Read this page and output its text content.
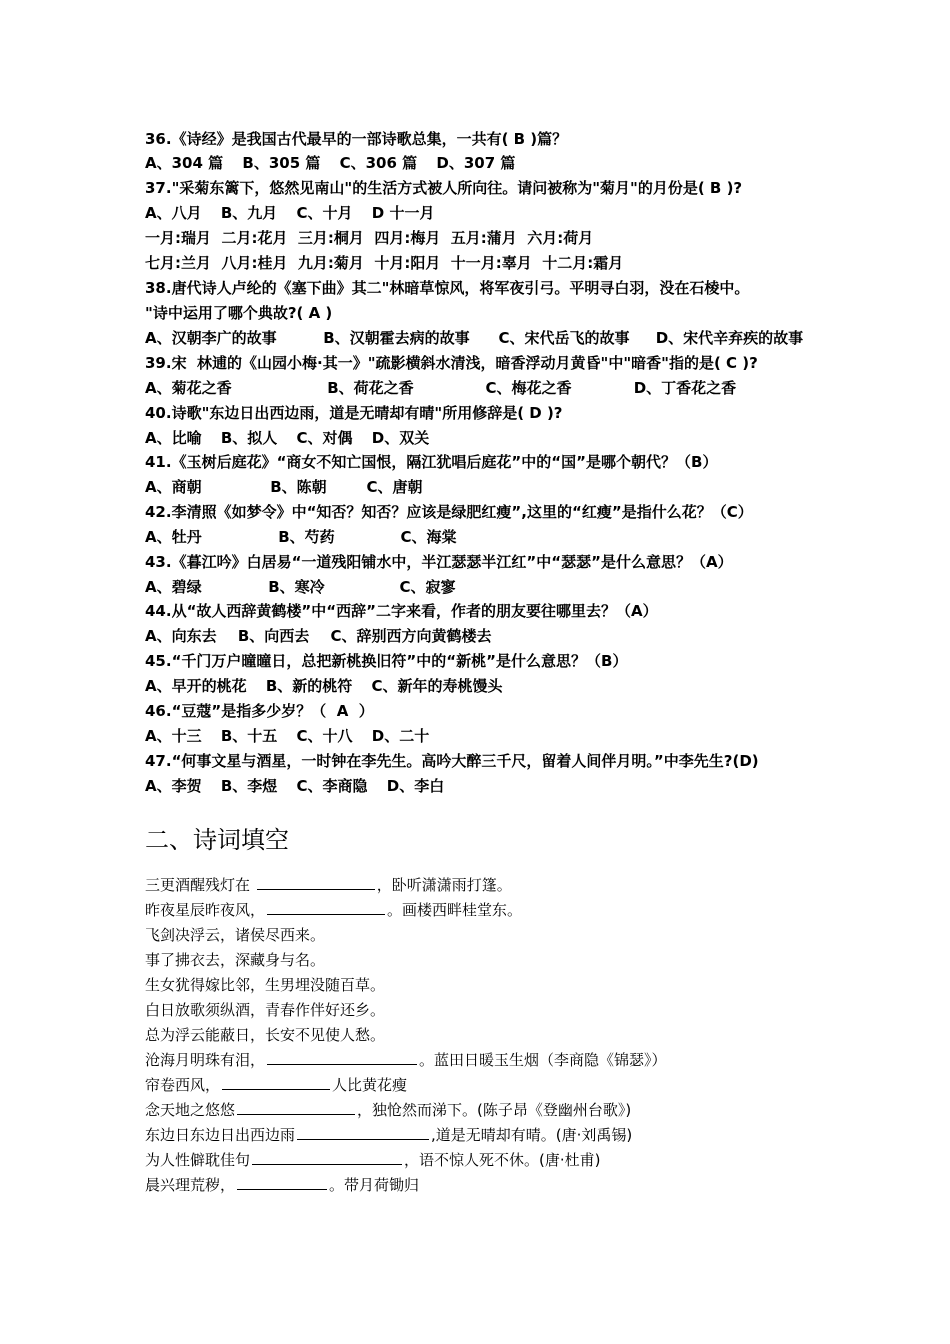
36.《诗经》是我国古代最早的一部诗歌总集，一共有( B )篇？
A、304 篇 B、305 篇 C、306 篇 D、307 篇
37."采菊东篱下，悠然见南山"的生活方式被人所向往。请问被称为"菊月"的月份是( B )?
A、八月 B、九月 C、十月 D 十一月
一月:瑞月  二月:花月  三月:桐月  四月:梅月  五月:蒲月  六月:荷月
七月:兰月  八月:桂月  九月:菊月  十月:阳月  十一月:辜月  十二月:霜月
38.唐代诗人卢纶的《塞下曲》其二"林暗草惊风，将军夜引弓。平明寻白羽，没在石棱中。
"诗中运用了哪个典故?( A )
A、汉朝李广的故事	B、汉朝霍去病的故事 C、宋代岳飞的故事 D、宋代辛弃疾的故事
39.宋  林逋的《山园小梅·其一》"疏影横斜水清浅，暗香浮动月黄昏"中"暗香"指的是( C )?
A、菊花之香	B、荷花之香	C、梅花之香	D、丁香花之香
40.诗歌"东边日出西边雨，道是无晴却有晴"所用修辞是( D )?
A、比喻 B、拟人 C、对偶 D、双关
41.《玉树后庭花》“商女不知亡国恨，隔江犹唱后庭花”中的“国”是哪个朝代？（B）
A、商朝	B、陈朝	C、唐朝
42.李清照《如梦令》中“知否？知否？应该是绿肥红瘦”,这里的“红瘦”是指什么花？（C）
A、牡丹	B、芍药	C、海棠
43.《暮江吟》白居易“一道残阳铺水中，半江瑟瑟半江红”中“瑟瑟”是什么意思？（A）
A、碧绿	B、寒冷	C、寂寥
44.从“故人西辞黄鹤楼”中“西辞”二字来看，作者的朋友要往哪里去？（A）
A、向东去 B、向西去 C、辞别西方向黄鹤楼去
45.“千门万户曈曈日，总把新桃换旧符”中的“新桃”是什么意思？（B）
A、早开的桃花 B、新的桃符 C、新年的寿桃馒头
46.“豆蔻”是指多少岁？（  A  ）
A、十三 B、十五 C、十八 D、二十
47.“何事文星与酒星，一时钟在李先生。高吟大醉三千尺，留着人间伴月明。”中李先生?(D)
A、李贺 B、李煜 C、李商隐 D、李白
二、诗词填空
三更酒醒残灯在	，卧听潇潇雨打篷。
昨夜星辰昨夜风，	。画楼西畔桂堂东。
飞剑决浮云，诸侯尽西来。
事了拂衣去，深藏身与名。
生女犹得嫁比邻，生男埋没随百草。
白日放歌须纵酒，青春作伴好还乡。
总为浮云能蔽日，长安不见使人愁。
沧海月明珠有泪，	。蓝田日暖玉生烟（李商隐《锦瑟》）
帘卷西风，	人比黄花瘦
念天地之悠悠	，独怆然而涕下。(陈子昂《登幽州台歌》)
东边日东边日出西边雨	,道是无晴却有晴。(唐·刘禹锡)
为人性僻耽佳句	，语不惊人死不休。(唐·杜甫)
晨兴理荒秽，	。带月荷锄归
